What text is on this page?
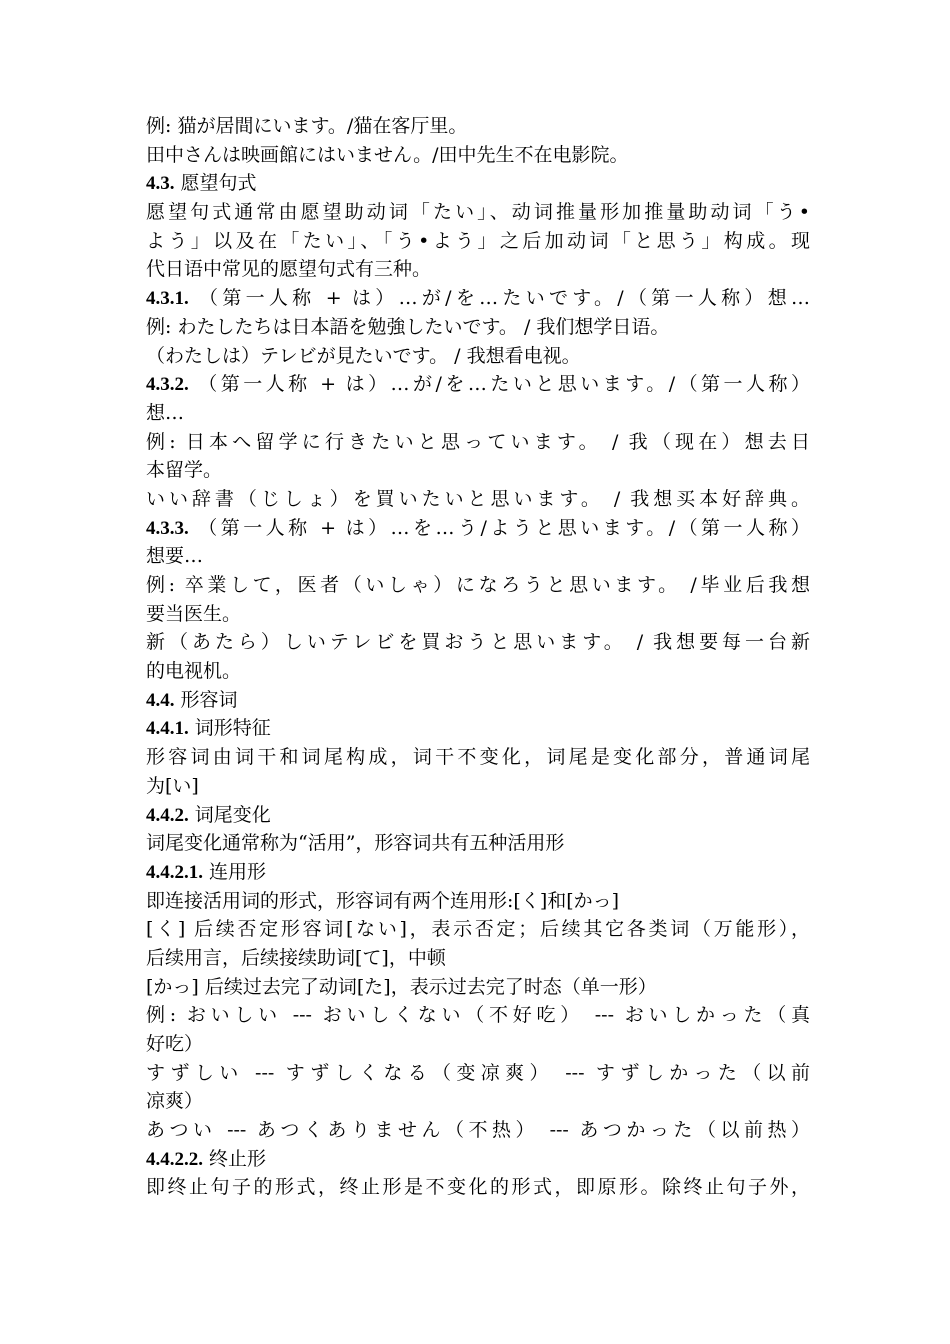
例: 猫が居間にいます。/猫在客厅里。
田中さんは映画館にはいません。/田中先生不在电影院。
4.3. 愿望句式
愿望句式通常由愿望助动词「たい」、动词推量形加推量助动词「う•
よう」以及在「たい」、「う•よう」之后加动词「と思う」构成。现
代日语中常见的愿望句式有三种。
4.3.1. （第一人称 + は）…が/を…たいです。/（第一人称）想…
例: わたしたちは日本語を勉強したいです。 / 我们想学日语。
（わたしは）テレビが見たいです。 / 我想看电视。
4.3.2. （第一人称 + は）…が/を…たいと思います。/（第一人称）
想…
例: 日本へ留学に行きたいと思っています。 / 我（现在）想去日
本留学。
いい辞書（じしょ）を買いたいと思います。 / 我想买本好辞典。
4.3.3. （第一人称 + は）…を…う/ようと思います。/（第一人称）
想要…
例: 卒業して，医者（いしゃ）になろうと思います。 /毕业后我想
要当医生。
新（あたら）しいテレビを買おうと思います。 / 我想要每一台新
的电视机。
4.4. 形容词
4.4.1. 词形特征
形容词由词干和词尾构成，词干不变化，词尾是变化部分，普通词尾
为[い]
4.4.2. 词尾变化
词尾变化通常称为“活用”，形容词共有五种活用形
4.4.2.1. 连用形
即连接活用词的形式，形容词有两个连用形:[く]和[かっ]
[く] 后续否定形容词[ない]，表示否定；后续其它各类词（万能形），
后续用言，后续接续助词[て]，中顿
[かっ] 后续过去完了动词[た]，表示过去完了时态（单一形）
例: おいしい --- おいしくない（不好吃） --- おいしかった（真
好吃）
すずしい --- すずしくなる（变凉爽） --- すずしかった（以前
凉爽）
あつい --- あつくありません（不热） --- あつかった（以前热）
4.4.2.2. 终止形
即终止句子的形式，终止形是不变化的形式，即原形。除终止句子外，
